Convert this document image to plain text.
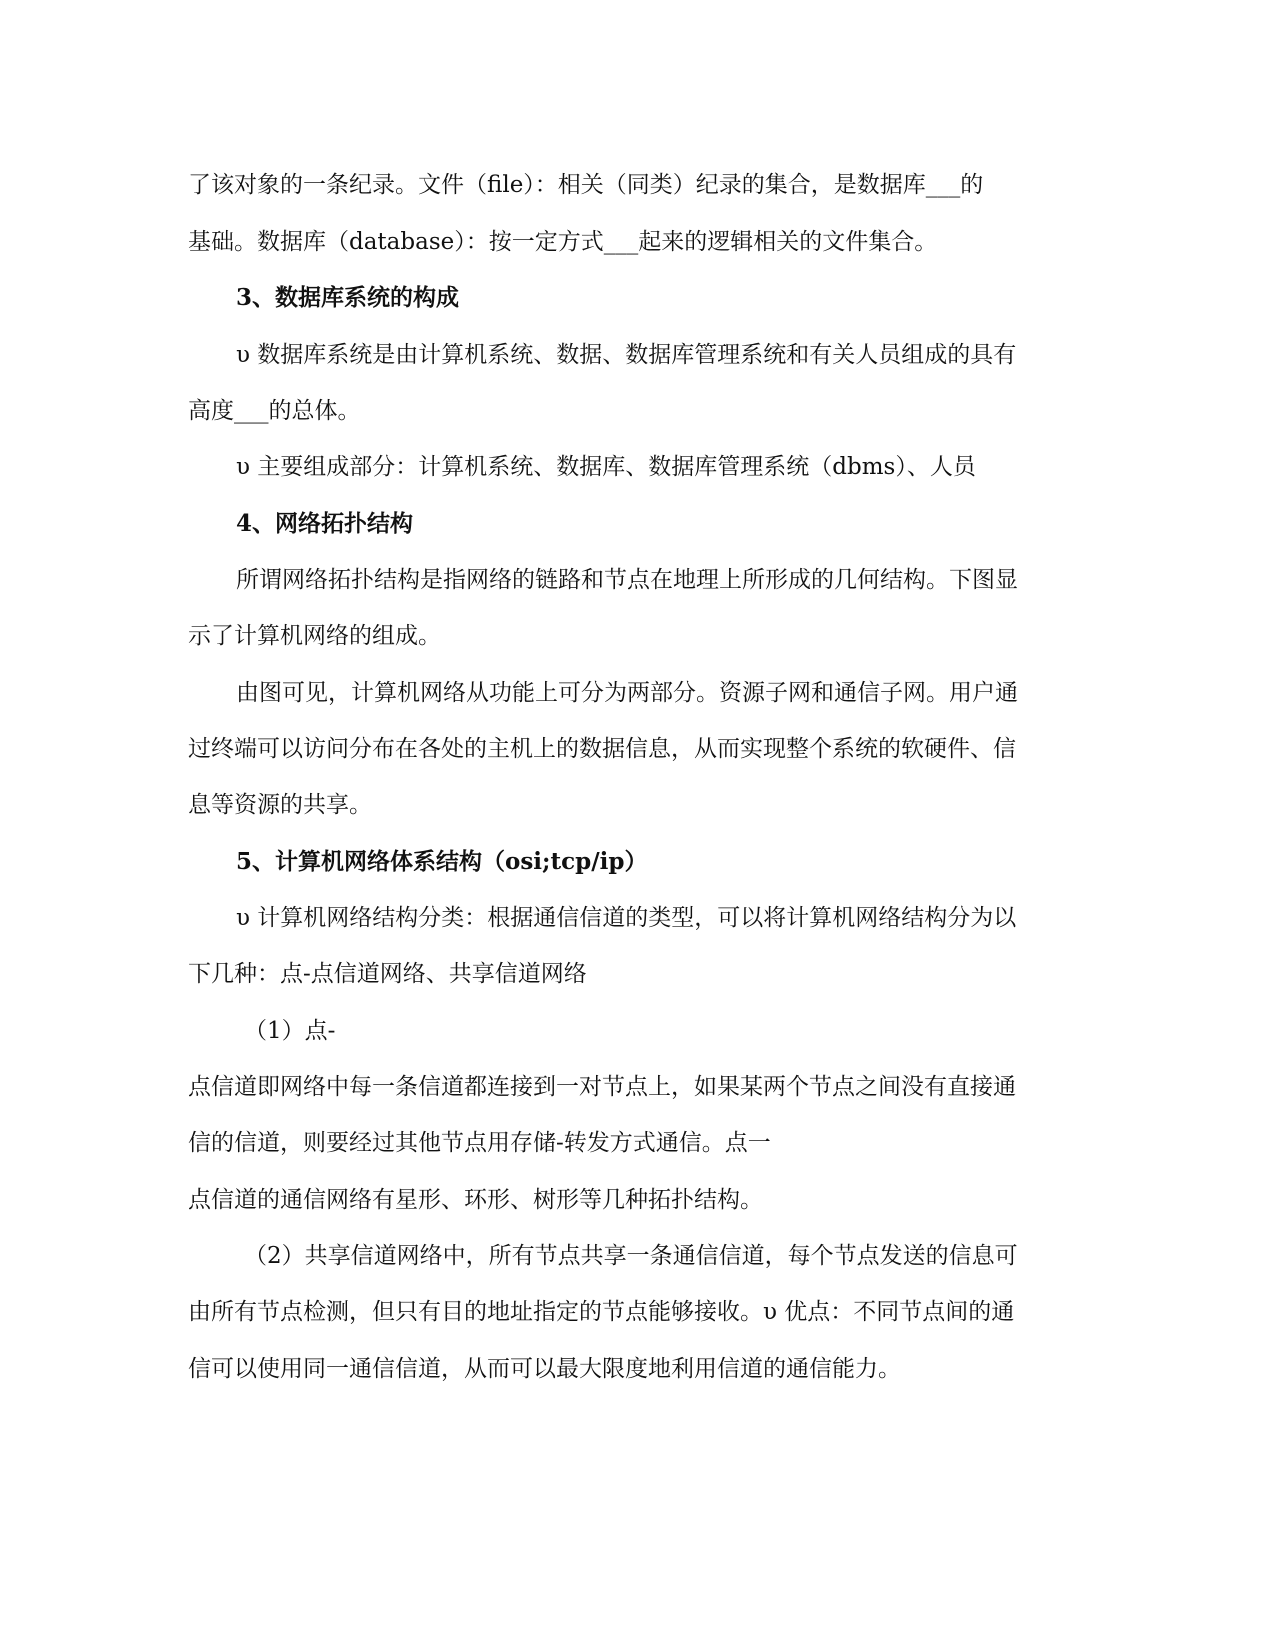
了该对象的一条纪录。文件（file）：相关（同类）纪录的集合，是数据库___的
基础。数据库（database）：按一定方式___起来的逻辑相关的文件集合。
3、数据库系统的构成
υ 数据库系统是由计算机系统、数据、数据库管理系统和有关人员组成的具有
高度___的总体。
υ 主要组成部分：计算机系统、数据库、数据库管理系统（dbms）、人员
4、网络拓扑结构
所谓网络拓扑结构是指网络的链路和节点在地理上所形成的几何结构。下图显
示了计算机网络的组成。
由图可见，计算机网络从功能上可分为两部分。资源子网和通信子网。用户通
过终端可以访问分布在各处的主机上的数据信息，从而实现整个系统的软硬件、信
息等资源的共享。
5、计算机网络体系结构（osi;tcp/ip）
υ 计算机网络结构分类：根据通信信道的类型，可以将计算机网络结构分为以
下几种：点-点信道网络、共享信道网络
（1）点-
点信道即网络中每一条信道都连接到一对节点上，如果某两个节点之间没有直接通
信的信道，则要经过其他节点用存储-转发方式通信。点一
点信道的通信网络有星形、环形、树形等几种拓扑结构。
（2）共享信道网络中，所有节点共享一条通信信道，每个节点发送的信息可
由所有节点检测，但只有目的地址指定的节点能够接收。υ 优点：不同节点间的通
信可以使用同一通信信道，从而可以最大限度地利用信道的通信能力。
